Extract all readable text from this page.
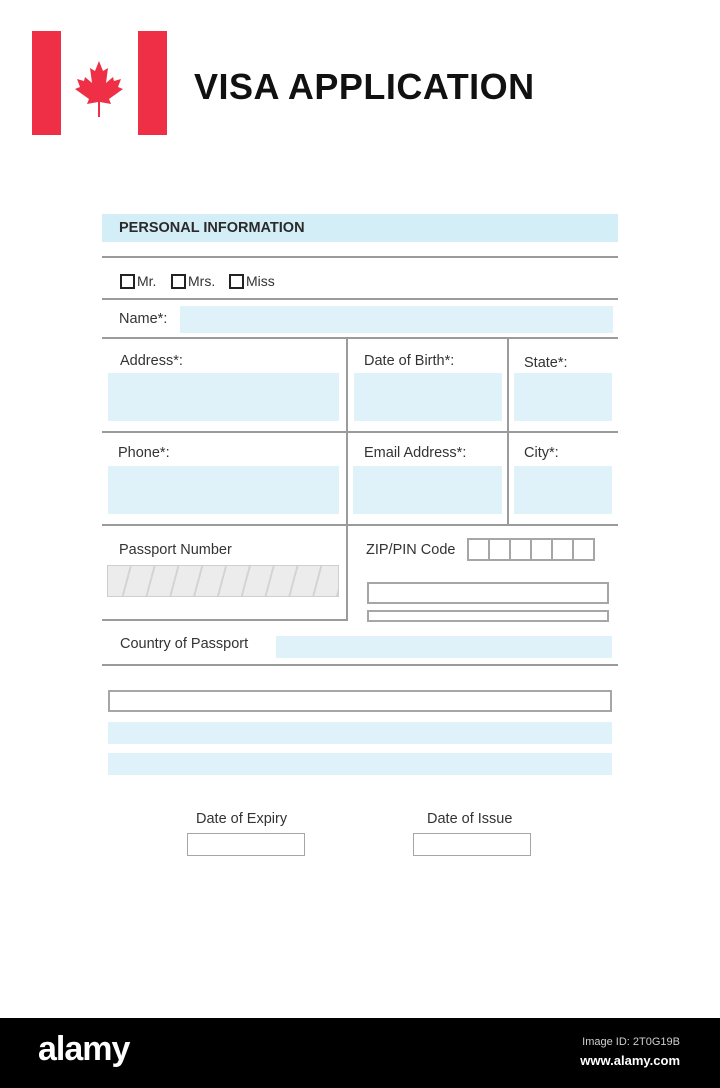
VISA APPLICATION
PERSONAL INFORMATION
Mr. Mrs. Miss
Name*:
Address*:	Date of Birth*:	State*:
Phone*:	Email Address*:	City*:
Passport Number	ZIP/PIN Code
Country of Passport
Date of Expiry	Date of Issue
alamy	Image ID: 2T0G19B
www.alamy.com
